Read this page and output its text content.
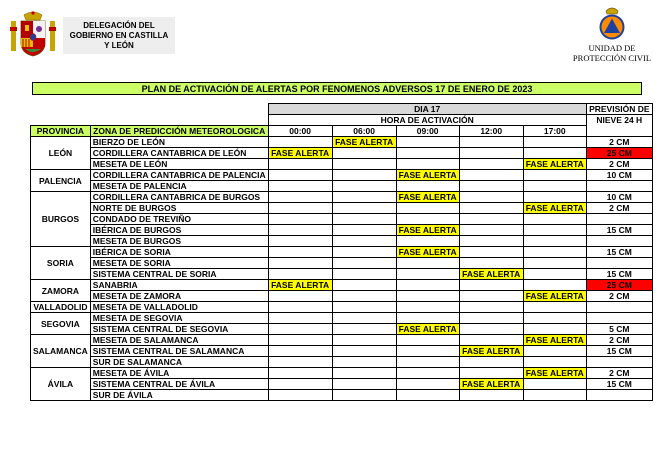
DELEGACIÓN DEL
GOBIERNO EN CASTILLA
Y LEÓN	UNIDAD DE
PROTECCIÓN CIVIL
PLAN DE ACTIVACIÓN DE ALERTAS POR FENOMENOS ADVERSOS 17 DE ENERO DE 2023
		DIA 17					PREVISIÓN DE
		HORA DE ACTIVACIÓN					NIEVE 24 H
PROVINCIA	ZONA DE PREDICCIÓN METEOROLOGICA	00:00	06:00	09:00	12:00	17:00	
LEÓN	BIERZO DE LEÓN		FASE ALERTA				2 CM
	CORDILLERA CANTABRICA DE LEÓN	FASE ALERTA					25 CM
	MESETA DE LEÓN					FASE ALERTA	2 CM
PALENCIA	CORDILLERA CANTABRICA DE PALENCIA			FASE ALERTA			10 CM
	MESETA DE PALENCIA						
BURGOS	CORDILLERA CANTABRICA DE BURGOS			FASE ALERTA			10 CM
	NORTE DE BURGOS					FASE ALERTA	2 CM
	CONDADO DE TREVIÑO						
	IBÉRICA DE BURGOS			FASE ALERTA			15 CM
	MESETA DE BURGOS						
SORIA	IBÉRICA DE SORIA			FASE ALERTA			15 CM
	MESETA DE SORIA						
	SISTEMA CENTRAL DE SORIA				FASE ALERTA		15 CM
ZAMORA	SANABRIA	FASE ALERTA					25 CM
	MESETA DE ZAMORA					FASE ALERTA	2 CM
VALLADOLID	MESETA DE VALLADOLID						
SEGOVIA	MESETA DE SEGOVIA						
	SISTEMA CENTRAL DE SEGOVIA			FASE ALERTA			5 CM
SALAMANCA	MESETA DE SALAMANCA					FASE ALERTA	2 CM
	SISTEMA CENTRAL DE SALAMANCA				FASE ALERTA		15 CM
	SUR DE SALAMANCA						
ÁVILA	MESETA DE ÁVILA					FASE ALERTA	2 CM
	SISTEMA CENTRAL DE ÁVILA				FASE ALERTA		15 CM
	SUR DE ÁVILA						
